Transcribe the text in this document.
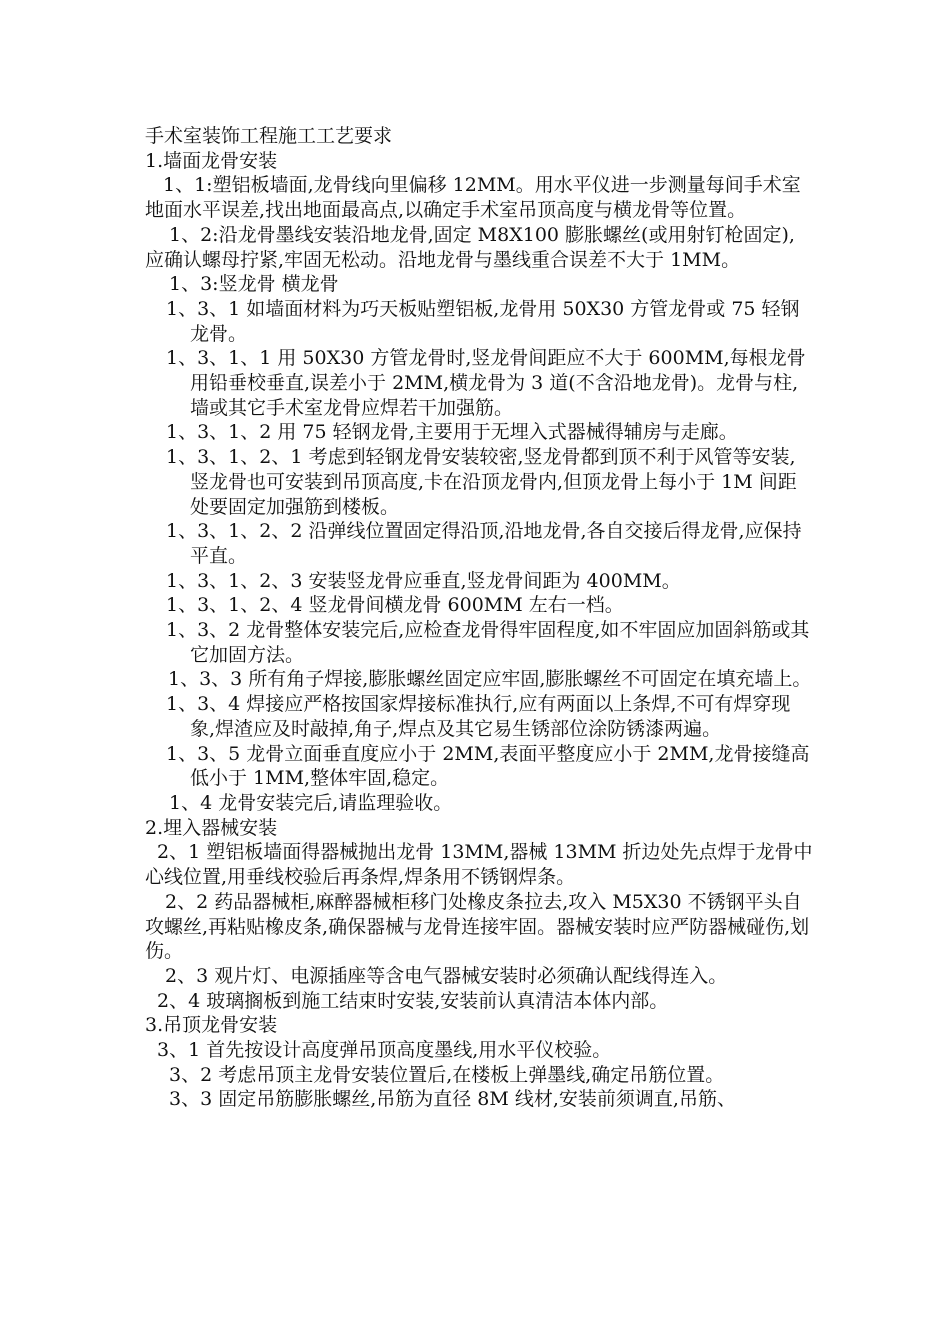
手术室装饰工程施工工艺要求
1.墙面龙骨安装
1、1:塑铝板墙面,龙骨线向里偏移 12MM。用水平仪进一步测量每间手术室地面水平误差,找出地面最高点,以确定手术室吊顶高度与横龙骨等位置。
1、2:沿龙骨墨线安装沿地龙骨,固定 M8X100 膨胀螺丝(或用射钉枪固定),应确认螺母拧紧,牢固无松动。沿地龙骨与墨线重合误差不大于 1MM。
1、3:竖龙骨 横龙骨
1、3、1 如墙面材料为巧天板贴塑铝板,龙骨用 50X30 方管龙骨或 75 轻钢龙骨。
1、3、1、1 用 50X30 方管龙骨时,竖龙骨间距应不大于 600MM,每根龙骨用铅垂校垂直,误差小于 2MM,横龙骨为 3 道(不含沿地龙骨)。龙骨与柱,墙或其它手术室龙骨应焊若干加强筋。
1、3、1、2 用 75 轻钢龙骨,主要用于无埋入式器械得辅房与走廊。
1、3、1、2、1 考虑到轻钢龙骨安装较密,竖龙骨都到顶不利于风管等安装,竖龙骨也可安装到吊顶高度,卡在沿顶龙骨内,但顶龙骨上每小于 1M 间距处要固定加强筋到楼板。
1、3、1、2、2 沿弹线位置固定得沿顶,沿地龙骨,各自交接后得龙骨,应保持平直。
1、3、1、2、3 安装竖龙骨应垂直,竖龙骨间距为 400MM。
1、3、1、2、4 竖龙骨间横龙骨 600MM 左右一档。
1、3、2 龙骨整体安装完后,应检查龙骨得牢固程度,如不牢固应加固斜筋或其它加固方法。
1、3、3 所有角子焊接,膨胀螺丝固定应牢固,膨胀螺丝不可固定在填充墙上。
1、3、4 焊接应严格按国家焊接标准执行,应有两面以上条焊,不可有焊穿现象,焊渣应及时敲掉,角子,焊点及其它易生锈部位涂防锈漆两遍。
1、3、5 龙骨立面垂直度应小于 2MM,表面平整度应小于 2MM,龙骨接缝高低小于 1MM,整体牢固,稳定。
1、4 龙骨安装完后,请监理验收。
2.埋入器械安装
2、1 塑铝板墙面得器械抛出龙骨 13MM,器械 13MM 折边处先点焊于龙骨中心线位置,用垂线校验后再条焊,焊条用不锈钢焊条。
2、2 药品器械柜,麻醉器械柜移门处橡皮条拉去,攻入 M5X30 不锈钢平头自攻螺丝,再粘贴橡皮条,确保器械与龙骨连接牢固。器械安装时应严防器械碰伤,划伤。
2、3 观片灯、电源插座等含电气器械安装时必须确认配线得连入。
2、4 玻璃搁板到施工结束时安装,安装前认真清洁本体内部。
3.吊顶龙骨安装
3、1 首先按设计高度弹吊顶高度墨线,用水平仪校验。
3、2 考虑吊顶主龙骨安装位置后,在楼板上弹墨线,确定吊筋位置。
3、3 固定吊筋膨胀螺丝,吊筋为直径 8M 线材,安装前须调直,吊筋、
